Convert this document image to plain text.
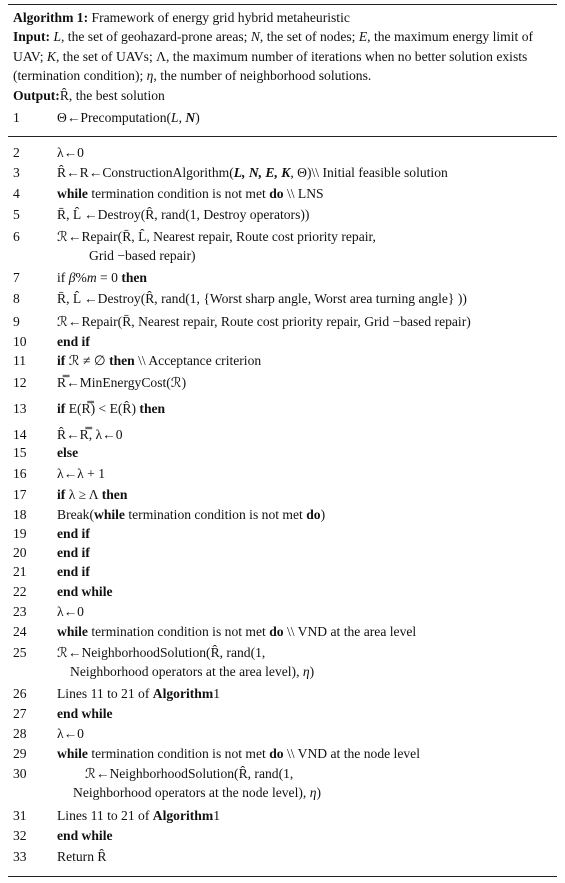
Algorithm 1: Framework of energy grid hybrid metaheuristic

Input: L, the set of geohazard-prone areas; N, the set of nodes; E, the maximum energy limit of UAV; K, the set of UAVs; Λ, the maximum number of iterations when no better solution exists (termination condition); η, the number of neighborhood solutions.

Output:R̂, the best solution

1	Θ←Precomputation(L, N)
2	λ←0
3	R̂←R←ConstructionAlgorithm(L, N, E, K, Θ)\\ Initial feasible solution
4	while termination condition is not met do \\ LNS
5	R̄, L̂ ←Destroy(R̂, rand(1, Destroy operators))
6	ℛ←Repair(R̄, L̂, Nearest repair, Route cost priority repair,
Grid −based repair)
7	if β%m = 0 then
8	R̄, L̂ ←Destroy(R̂, rand(1, {Worst sharp angle, Worst area turning angle} ))
9	ℛ←Repair(R̄, Nearest repair, Route cost priority repair, Grid −based repair)
10	end if
11	if ℛ ≠ ∅ then \\ Acceptance criterion
12	R̿←MinEnergyCost(ℛ)
13	if E(R̿) < E(R̂) then
14	R̂←R̿, λ←0
15	else
16	λ←λ + 1
17	if λ ≥ Λ then
18	Break(while termination condition is not met do)
19	end if
20	end if
21	end if
22	end while
23	λ←0
24	while termination condition is not met do \\ VND at the area level
25	ℛ←NeighborhoodSolution(R̂, rand(1,
Neighborhood operators at the area level), η)
26	Lines 11 to 21 of Algorithm1
27	end while
28	λ←0
29	while termination condition is not met do \\ VND at the node level
30	ℛ←NeighborhoodSolution(R̂, rand(1,
Neighborhood operators at the node level), η)
31	Lines 11 to 21 of Algorithm1
32	end while
33	Return R̂
